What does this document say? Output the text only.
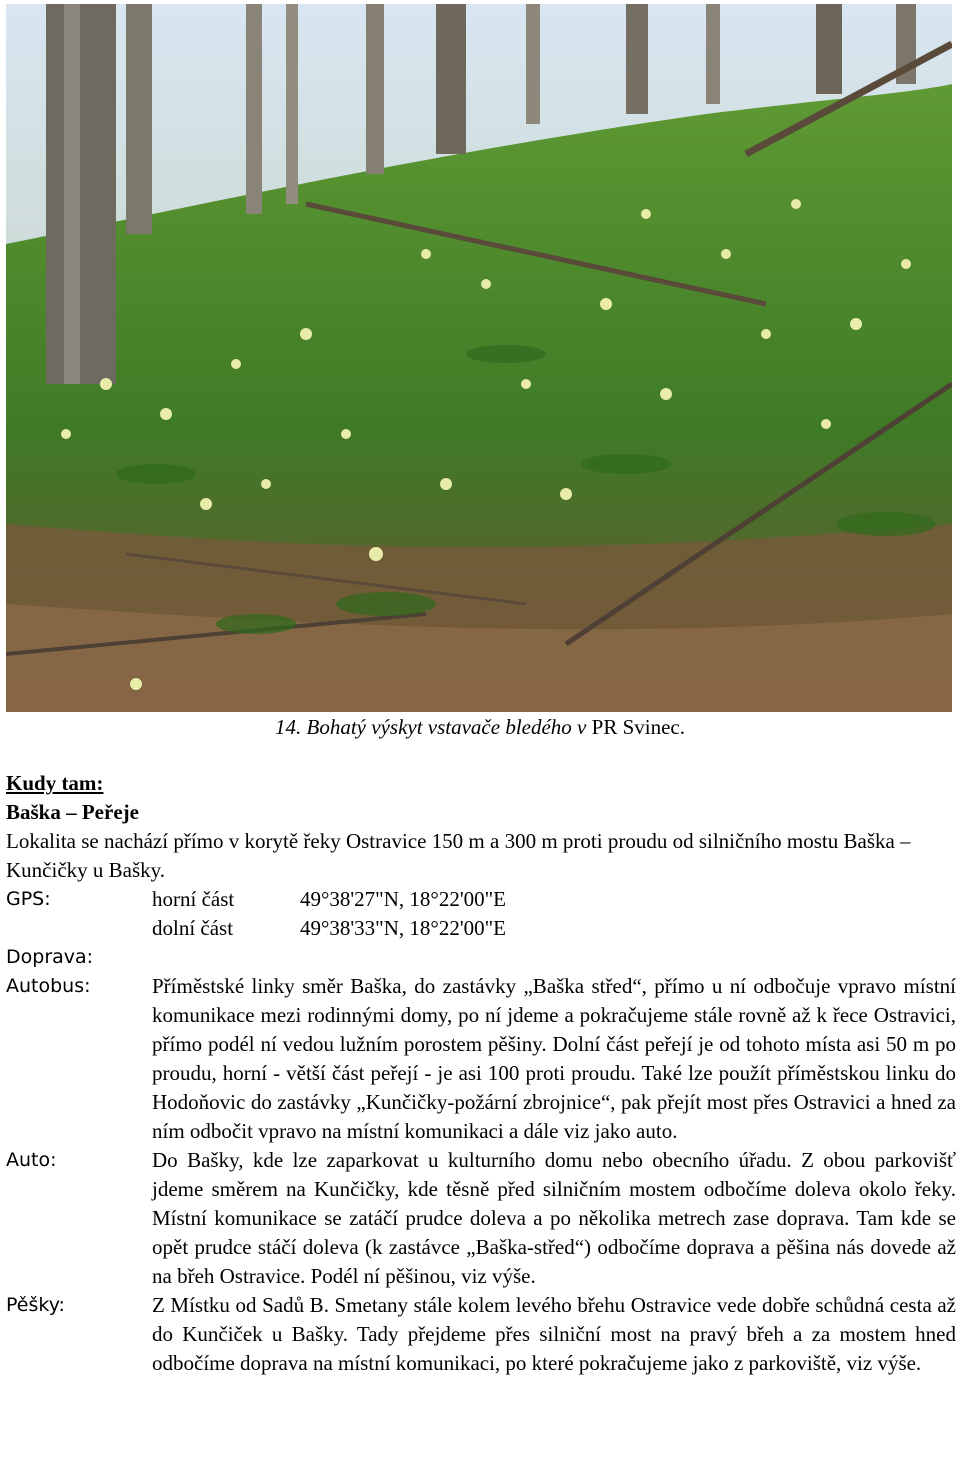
14. Bohatý výskyt vstavače bledého v PR Svinec.
Kudy tam:
Baška – Peřeje
Lokalita se nachází přímo v korytě řeky Ostravice 150 m a 300 m proti proudu od silničního mostu Baška – Kunčičky u Bašky.
GPS:	horní část	49°38'27"N, 18°22'00"E
dolní část	49°38'33"N, 18°22'00"E
Doprava:
Autobus:	Příměstské linky směr Baška, do zastávky „Baška střed“, přímo u ní odbočuje vpravo místní komunikace mezi rodinnými domy, po ní jdeme a pokračujeme stále rovně až k řece Ostravici, přímo podél ní vedou lužním porostem pěšiny. Dolní část peřejí je od tohoto místa asi 50 m po proudu, horní - větší část peřejí - je asi 100 proti proudu. Také lze použít příměstskou linku do Hodoňovic do zastávky „Kunčičky-požární zbrojnice“, pak přejít most přes Ostravici a hned za ním odbočit vpravo na místní komunikaci a dále viz jako auto.
Auto:	Do Bašky, kde lze zaparkovat u kulturního domu nebo obecního úřadu. Z obou parkovišť jdeme směrem na Kunčičky, kde těsně před silničním mostem odbočíme doleva okolo řeky. Místní komunikace se zatáčí prudce doleva a po několika metrech zase doprava. Tam kde se opět prudce stáčí doleva (k zastávce „Baška-střed“) odbočíme doprava a pěšina nás dovede až na břeh Ostravice. Podél ní pěšinou, viz výše.
Pěšky:	Z Místku od Sadů B. Smetany stále kolem levého břehu Ostravice vede dobře schůdná cesta až do Kunčiček u Bašky. Tady přejdeme přes silniční most na pravý břeh a za mostem hned odbočíme doprava na místní komunikaci, po které pokračujeme jako z parkoviště, viz výše.
